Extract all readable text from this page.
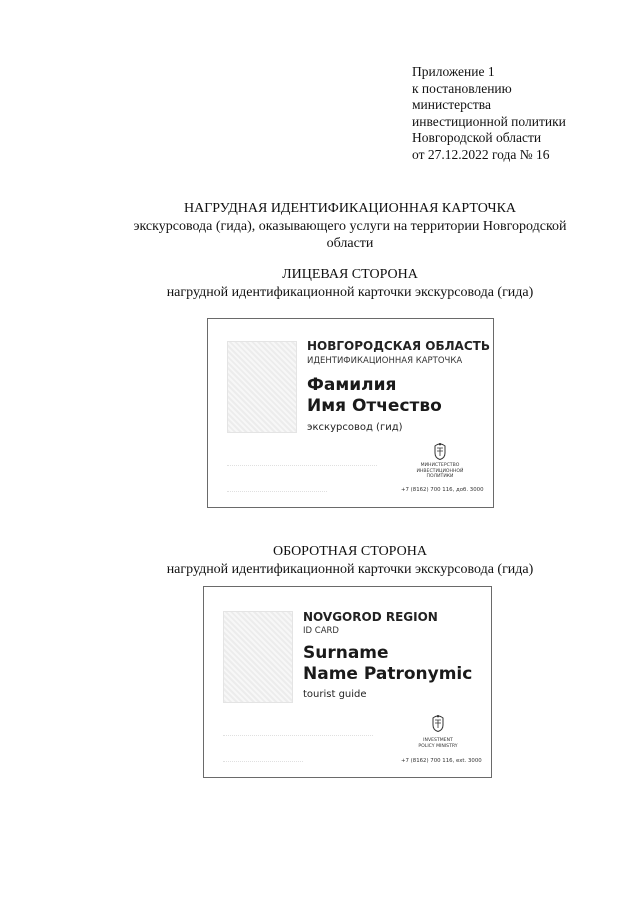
Приложение 1
к постановлению
министерства
инвестиционной политики
Новгородской области
от 27.12.2022 года № 16
НАГРУДНАЯ ИДЕНТИФИКАЦИОННАЯ КАРТОЧКА
экскурсовода (гида), оказывающего услуги на территории Новгородской
области
ЛИЦЕВАЯ СТОРОНА
нагрудной идентификационной карточки экскурсовода (гида)
НОВГОРОДСКАЯ ОБЛАСТЬ
ИДЕНТИФИКАЦИОННАЯ КАРТОЧКА
Фамилия
Имя Отчество
экскурсовод (гид)
МИНИСТЕРСТВО
ИНВЕСТИЦИОННОЙ
ПОЛИТИКИ
+7 (8162) 700 116, доб. 3000
ОБОРОТНАЯ СТОРОНА
нагрудной идентификационной карточки экскурсовода (гида)
NOVGOROD REGION
ID CARD
Surname
Name Patronymic
tourist guide
INVESTMENT
POLICY MINISTRY
+7 (8162) 700 116, ext. 3000
